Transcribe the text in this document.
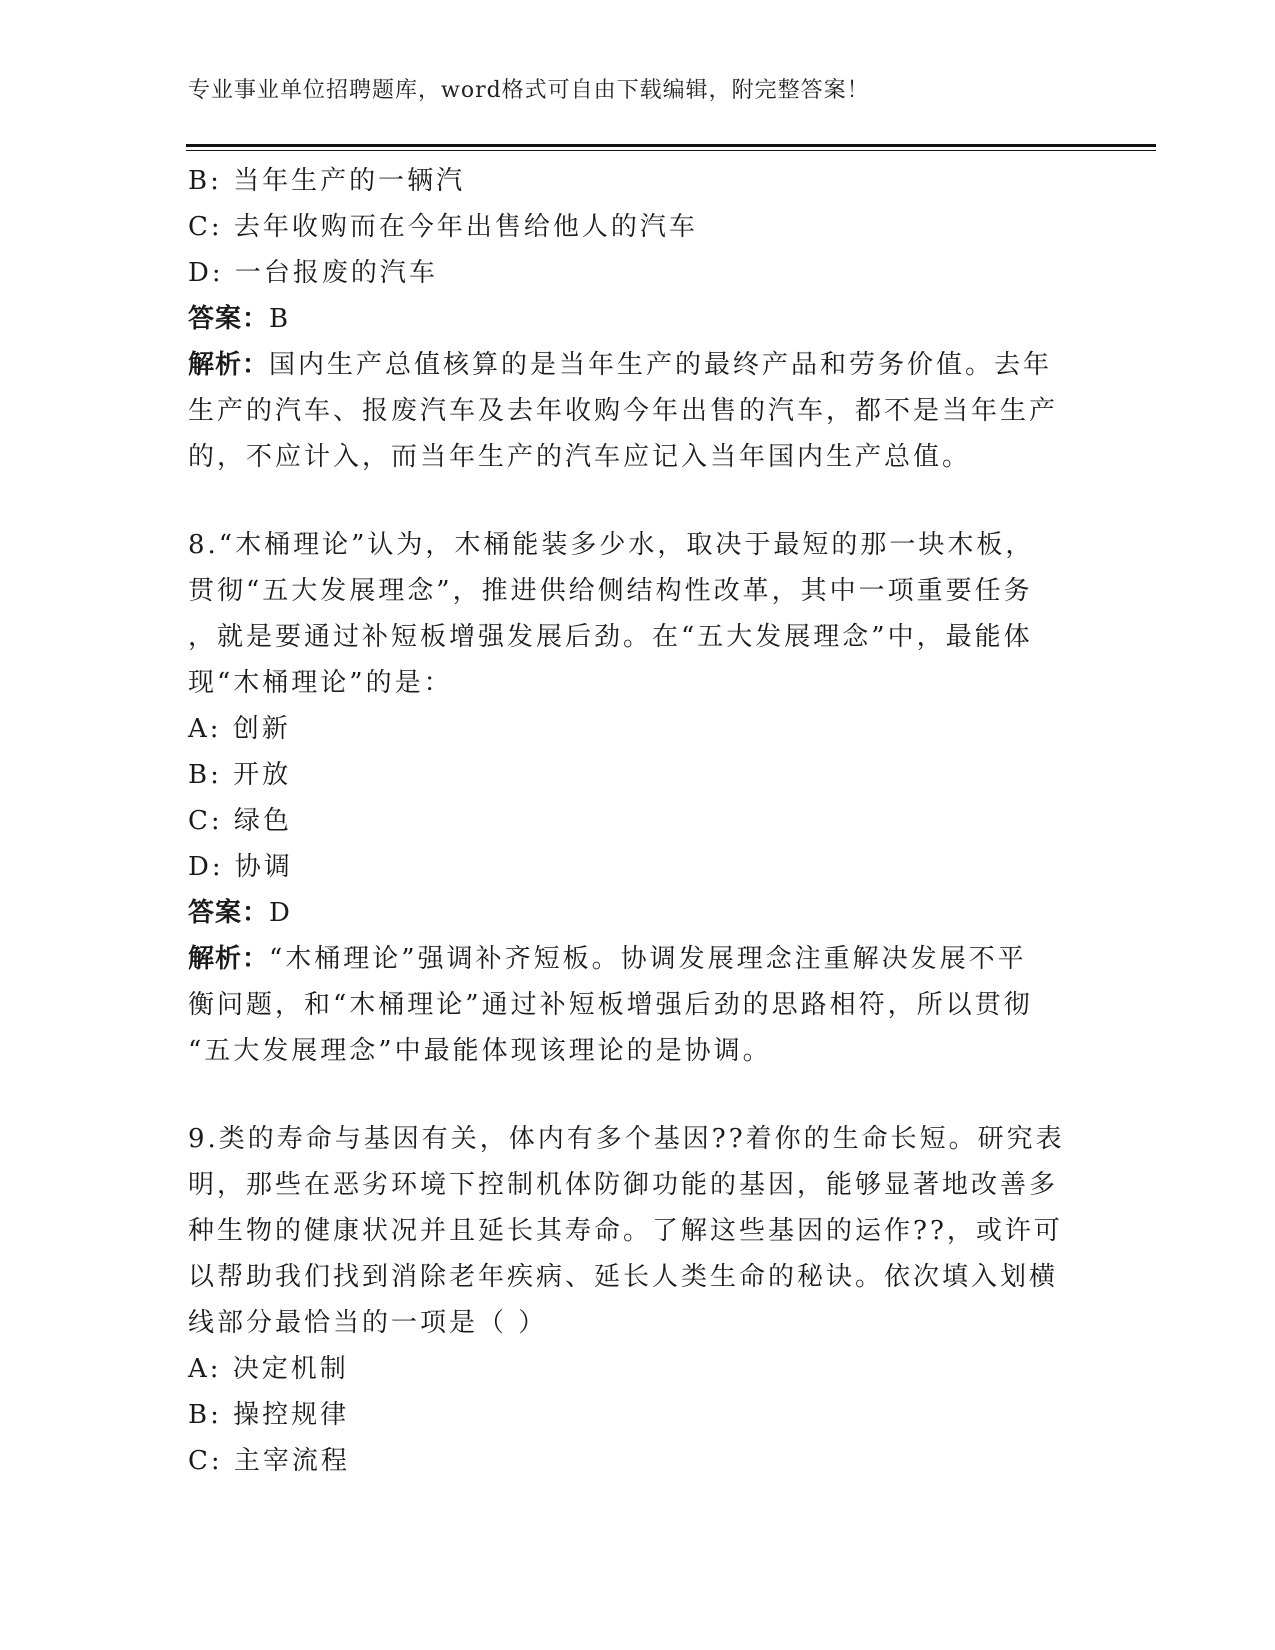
专业事业单位招聘题库，word格式可自由下载编辑，附完整答案！
B: 当年生产的一辆汽
C: 去年收购而在今年出售给他人的汽车
D: 一台报废的汽车
答案：B
解析：国内生产总值核算的是当年生产的最终产品和劳务价值。去年
生产的汽车、报废汽车及去年收购今年出售的汽车，都不是当年生产
的，不应计入，而当年生产的汽车应记入当年国内生产总值。
8.“木桶理论”认为，木桶能装多少水，取决于最短的那一块木板，
贯彻“五大发展理念”，推进供给侧结构性改革，其中一项重要任务
，就是要通过补短板增强发展后劲。在“五大发展理念”中，最能体
现“木桶理论”的是：
A: 创新
B: 开放
C: 绿色
D: 协调
答案：D
解析：“木桶理论”强调补齐短板。协调发展理念注重解决发展不平
衡问题，和“木桶理论”通过补短板增强后劲的思路相符，所以贯彻
“五大发展理念”中最能体现该理论的是协调。
9.类的寿命与基因有关，体内有多个基因??着你的生命长短。研究表
明，那些在恶劣环境下控制机体防御功能的基因，能够显著地改善多
种生物的健康状况并且延长其寿命。了解这些基因的运作??，或许可
以帮助我们找到消除老年疾病、延长人类生命的秘诀。依次填入划横
线部分最恰当的一项是（ ）
A: 决定机制
B: 操控规律
C: 主宰流程
